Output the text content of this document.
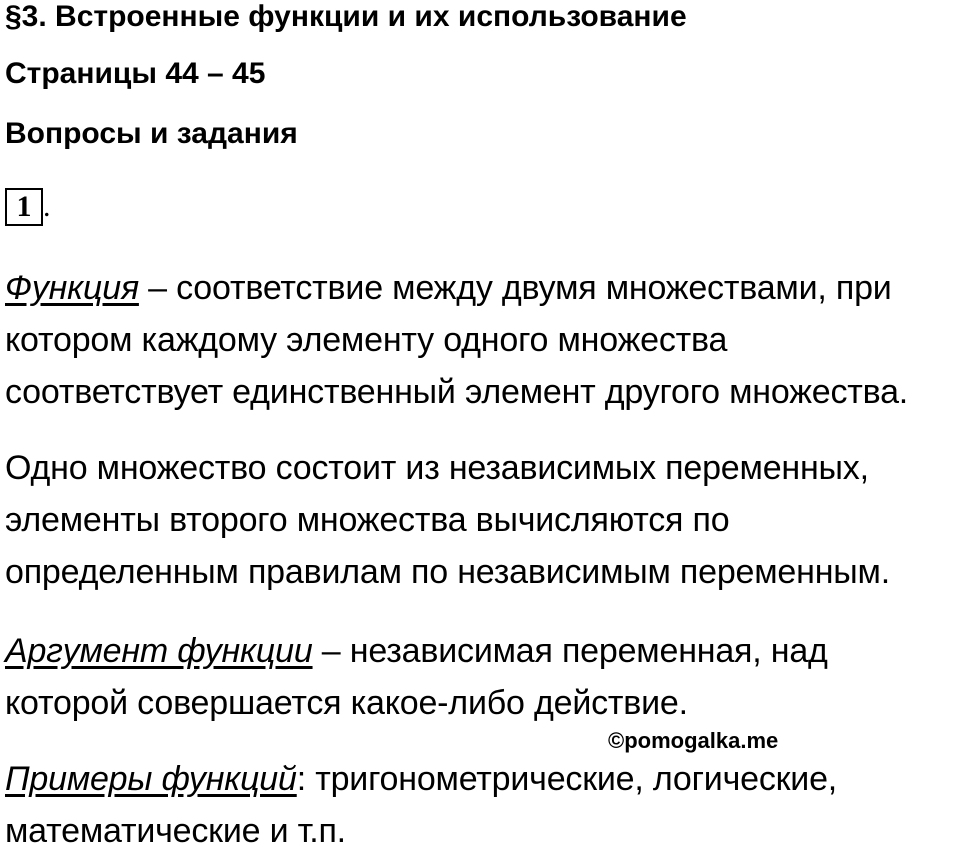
§3. Встроенные функции и их использование
Страницы 44 – 45
Вопросы и задания
1 .
Функция – соответствие между двумя множествами, при
котором каждому элементу одного множества
соответствует единственный элемент другого множества.
Одно множество состоит из независимых переменных,
элементы второго множества вычисляются по
определенным правилам по независимым переменным.
Аргумент функции – независимая переменная, над
которой совершается какое-либо действие.
Примеры функций: тригонометрические, логические,
математические и т.п.
©pomogalka.me
